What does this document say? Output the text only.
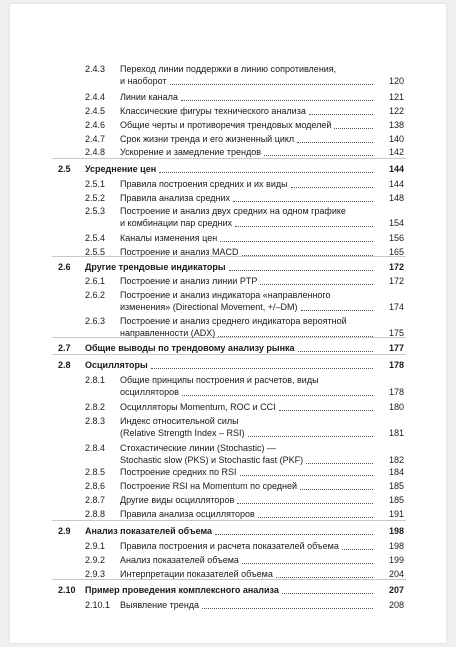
2.4.3 Переход линии поддержки в линию сопротивления,
и наоборот	120
2.4.4 Линии канала	121
2.4.5 Классические фигуры технического анализа	122
2.4.6 Общие черты и противоречия трендовых моделей	138
2.4.7 Срок жизни тренда и его жизненный цикл	140
2.4.8 Ускорение и замедление трендов	142
2.5 Усреднение цен	144
2.5.1 Правила построения средних и их виды	144
2.5.2 Правила анализа средних	148
2.5.3 Построение и анализ двух средних на одном графике
и комбинации пар средних	154
2.5.4 Каналы изменения цен	156
2.5.5 Построение и анализ MACD	165
2.6 Другие трендовые индикаторы	172
2.6.1 Построение и анализ линии PTP	172
2.6.2 Построение и анализ индикатора «направленного
изменения» (Directional Movement, +/–DM)	174
2.6.3 Построение и анализ среднего индикатора вероятной
направленности (ADX)	175
2.7 Общие выводы по трендовому анализу рынка	177
2.8 Осцилляторы	178
2.8.1 Общие принципы построения и расчетов, виды
осцилляторов	178
2.8.2 Осцилляторы Momentum, ROC и CCI	180
2.8.3 Индекс относительной силы
(Relative Strength Index – RSI)	181
2.8.4 Стохастические линии (Stochastic) —
Stochastic slow (PKS) и Stochastic fast (PKF)	182
2.8.5 Построение средних по RSI	184
2.8.6 Построение RSI на Momentum по средней	185
2.8.7 Другие виды осцилляторов	185
2.8.8 Правила анализа осцилляторов	191
2.9 Анализ показателей объема	198
2.9.1 Правила построения и расчета показателей объема	198
2.9.2 Анализ показателей объема	199
2.9.3 Интерпретации показателей объема	204
2.10 Пример проведения комплексного анализа	207
2.10.1 Выявление тренда	208
